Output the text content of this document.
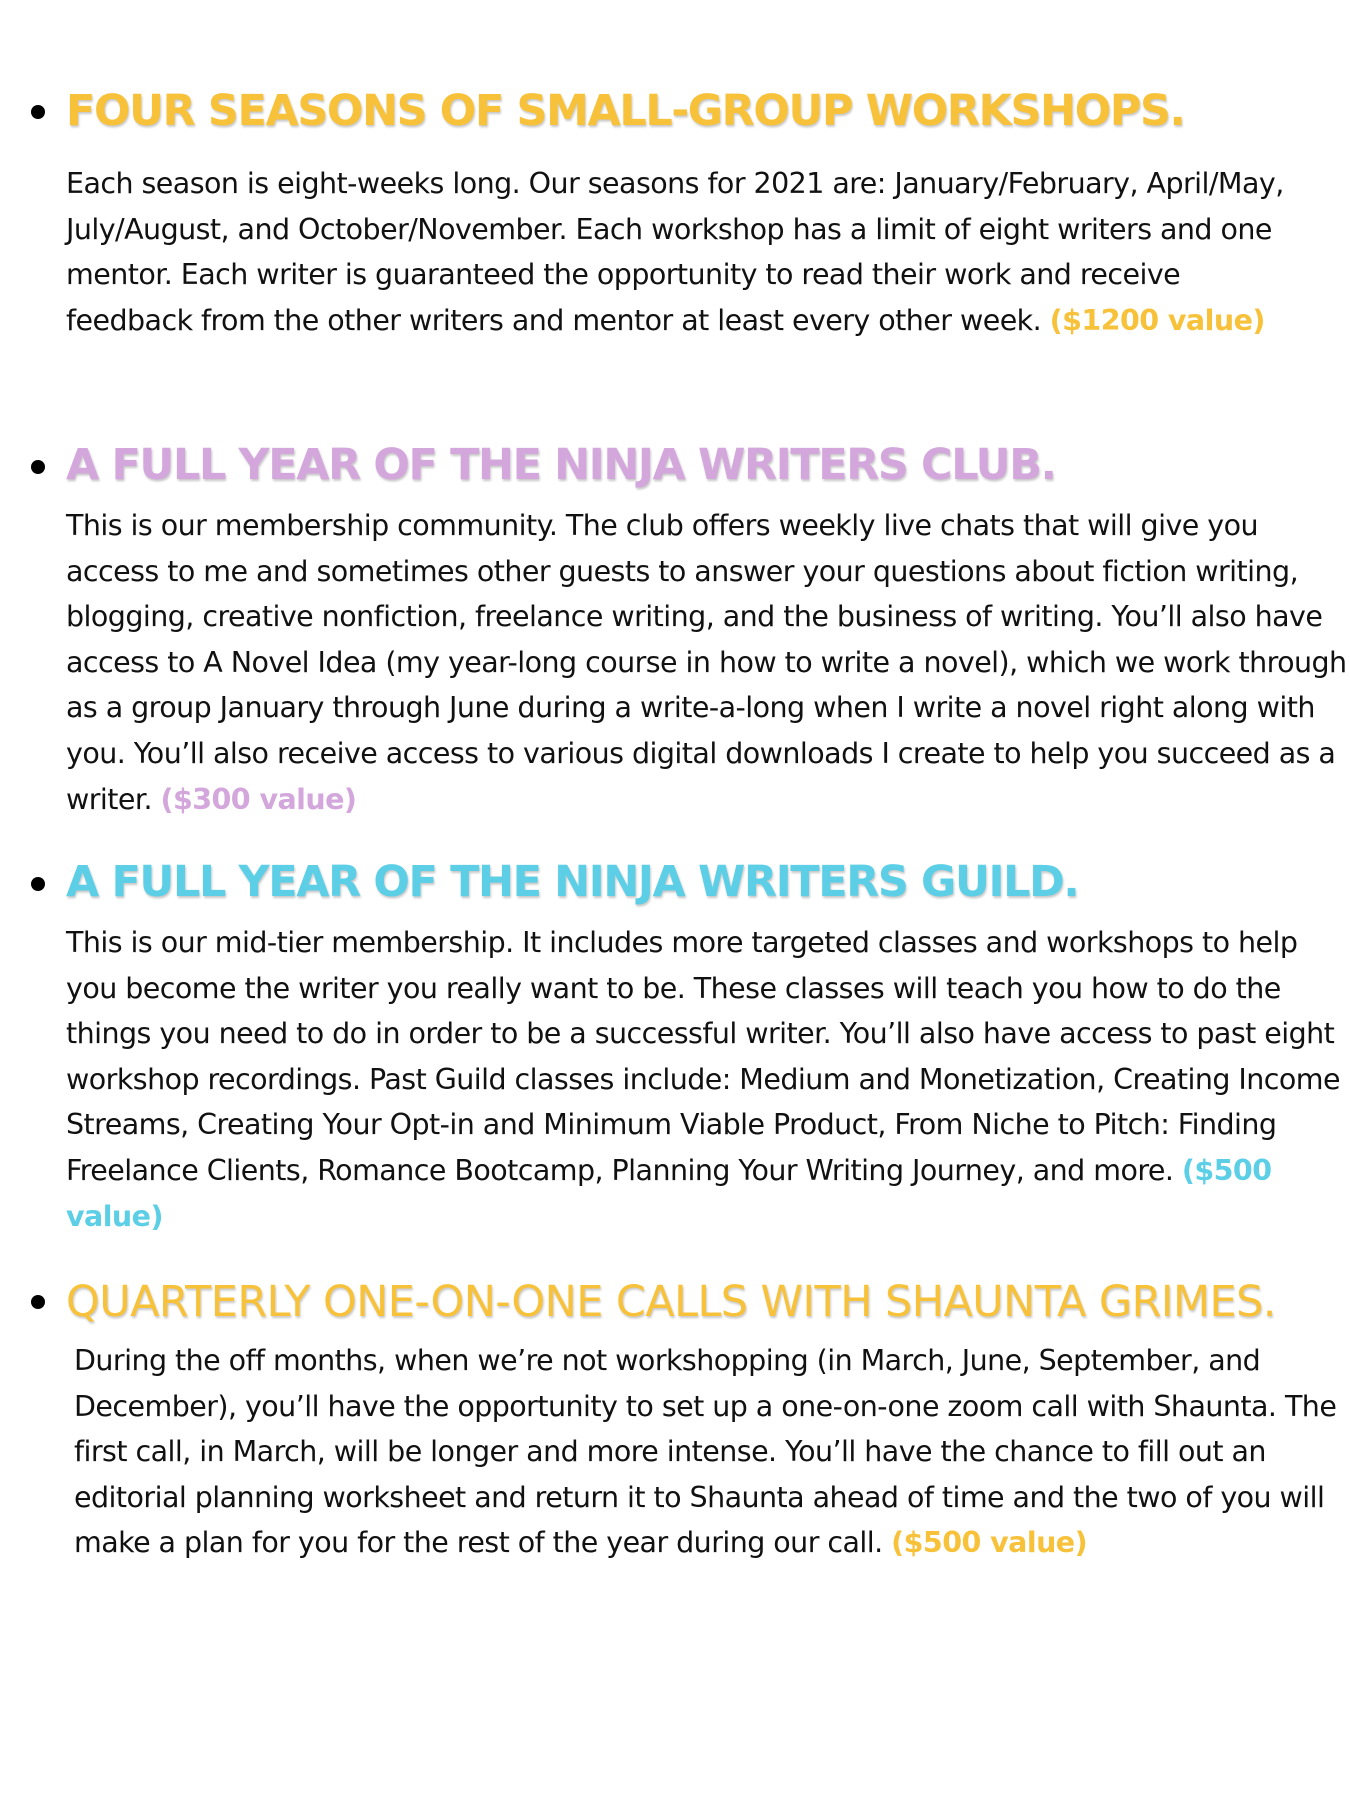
FOUR SEASONS OF SMALL-GROUP WORKSHOPS.

Each season is eight-weeks long. Our seasons for 2021 are: January/February, April/May, July/August, and October/November. Each workshop has a limit of eight writers and one mentor. Each writer is guaranteed the opportunity to read their work and receive feedback from the other writers and mentor at least every other week. ($1200 value)

A FULL YEAR OF THE NINJA WRITERS CLUB.

This is our membership community. The club offers weekly live chats that will give you access to me and sometimes other guests to answer your questions about fiction writing, blogging, creative nonfiction, freelance writing, and the business of writing. You’ll also have access to A Novel Idea (my year-long course in how to write a novel), which we work through as a group January through June during a write-a-long when I write a novel right along with you. You’ll also receive access to various digital downloads I create to help you succeed as a writer. ($300 value)

A FULL YEAR OF THE NINJA WRITERS GUILD.

This is our mid-tier membership. It includes more targeted classes and workshops to help you become the writer you really want to be. These classes will teach you how to do the things you need to do in order to be a successful writer. You’ll also have access to past eight workshop recordings. Past Guild classes include: Medium and Monetization, Creating Income Streams, Creating Your Opt-in and Minimum Viable Product, From Niche to Pitch: Finding Freelance Clients, Romance Bootcamp, Planning Your Writing Journey, and more. ($500 value)

QUARTERLY ONE-ON-ONE CALLS WITH SHAUNTA GRIMES.

During the off months, when we’re not workshopping (in March, June, September, and December), you’ll have the opportunity to set up a one-on-one zoom call with Shaunta. The first call, in March, will be longer and more intense. You’ll have the chance to fill out an editorial planning worksheet and return it to Shaunta ahead of time and the two of you will make a plan for you for the rest of the year during our call. ($500 value)
